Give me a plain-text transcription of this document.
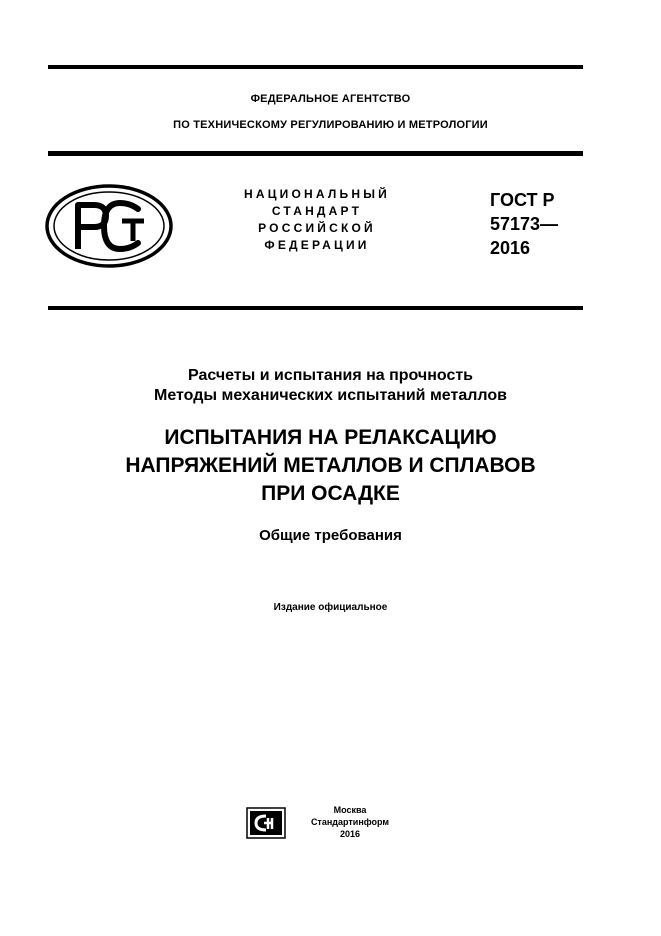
ФЕДЕРАЛЬНОЕ АГЕНТСТВО
ПО ТЕХНИЧЕСКОМУ РЕГУЛИРОВАНИЮ И МЕТРОЛОГИИ
НАЦИОНАЛЬНЫЙ
СТАНДАРТ
РОССИЙСКОЙ
ФЕДЕРАЦИИ
ГОСТ Р
57173—
2016
Расчеты и испытания на прочность
Методы механических испытаний металлов
ИСПЫТАНИЯ НА РЕЛАКСАЦИЮ
НАПРЯЖЕНИЙ МЕТАЛЛОВ И СПЛАВОВ
ПРИ ОСАДКЕ
Общие требования
Издание официальное
Москва
Стандартинформ
2016
